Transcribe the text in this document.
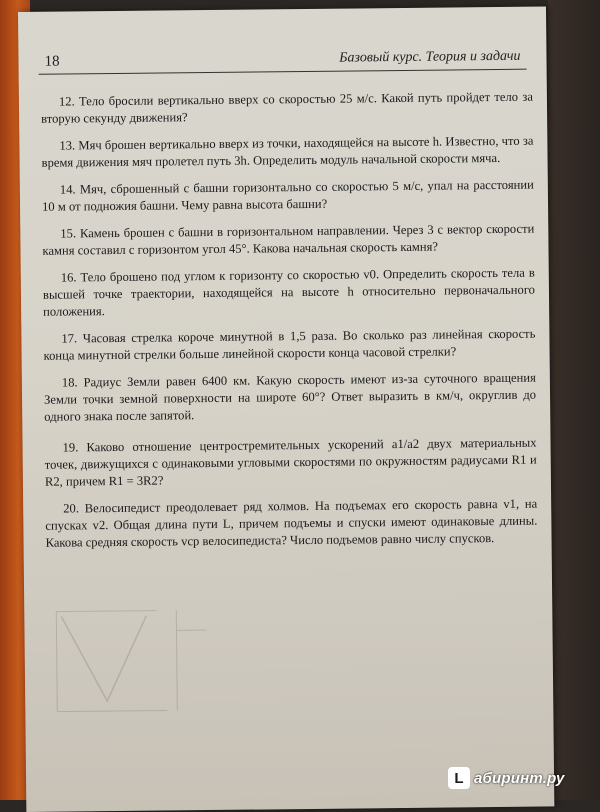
18	Базовый курс. Теория и задачи

12. Тело бросили вертикально вверх со скоростью 25 м/с. Какой путь пройдет тело за вторую секунду движения?

13. Мяч брошен вертикально вверх из точки, находящейся на высоте h. Известно, что за время движения мяч пролетел путь 3h. Определить модуль начальной скорости мяча.

14. Мяч, сброшенный с башни горизонтально со скоростью 5 м/с, упал на расстоянии 10 м от подножия башни. Чему равна высота башни?

15. Камень брошен с башни в горизонтальном направлении. Через 3 с вектор скорости камня составил с горизонтом угол 45°. Какова начальная скорость камня?

16. Тело брошено под углом к горизонту со скоростью v0. Определить скорость тела в высшей точке траектории, находящейся на высоте h относительно первоначального положения.

17. Часовая стрелка короче минутной в 1,5 раза. Во сколько раз линейная скорость конца минутной стрелки больше линейной скорости конца часовой стрелки?

18. Радиус Земли равен 6400 км. Какую скорость имеют из-за суточного вращения Земли точки земной поверхности на широте 60°? Ответ выразить в км/ч, округлив до одного знака после запятой.

19. Каково отношение центростремительных ускорений a1/a2 двух материальных точек, движущихся с одинаковыми угловыми скоростями по окружностям радиусами R1 и R2, причем R1 = 3R2?

20. Велосипедист преодолевает ряд холмов. На подъемах его скорость равна v1, на спусках v2. Общая длина пути L, причем подъемы и спуски имеют одинаковые длины. Какова средняя скорость vср велосипедиста? Число подъемов равно числу спусков.

L абиринт.ру
